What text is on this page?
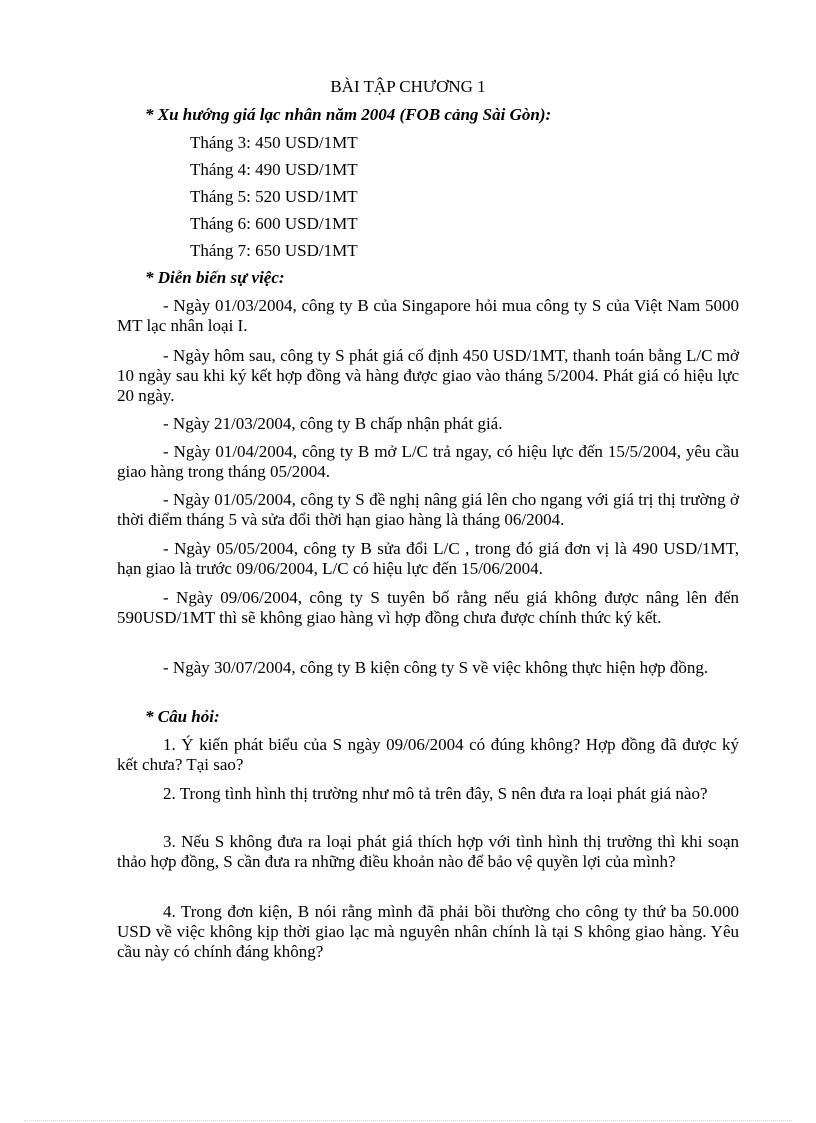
BÀI TẬP CHƯƠNG 1
* Xu hướng giá lạc nhân năm 2004 (FOB cảng Sài Gòn):
Tháng 3: 450 USD/1MT
Tháng 4: 490 USD/1MT
Tháng 5: 520 USD/1MT
Tháng 6: 600 USD/1MT
Tháng 7: 650 USD/1MT
* Diễn biến sự việc:
- Ngày 01/03/2004, công ty B của Singapore hỏi mua công ty S của Việt Nam 5000 MT lạc nhân loại I.
- Ngày hôm sau, công ty S phát giá cố định 450 USD/1MT, thanh toán bằng L/C mở 10 ngày sau khi ký kết hợp đồng và hàng được giao vào tháng 5/2004. Phát giá có hiệu lực 20 ngày.
- Ngày 21/03/2004, công ty B chấp nhận phát giá.
- Ngày 01/04/2004, công ty B mở L/C trả ngay, có hiệu lực đến 15/5/2004, yêu cầu giao hàng trong tháng 05/2004.
- Ngày 01/05/2004, công ty S đề nghị nâng giá lên cho ngang với giá trị thị trường ở thời điểm tháng 5 và sửa đổi thời hạn giao hàng là tháng 06/2004.
- Ngày 05/05/2004, công ty B sửa đổi L/C , trong đó giá đơn vị là 490 USD/1MT, hạn giao là trước 09/06/2004, L/C có hiệu lực đến 15/06/2004.
- Ngày 09/06/2004, công ty S tuyên bố rằng nếu giá không được nâng lên đến 590USD/1MT thì sẽ không giao hàng vì hợp đồng chưa được chính thức ký kết.
- Ngày 30/07/2004, công ty B kiện công ty S về việc không thực hiện hợp đồng.
* Câu hỏi:
1. Ý kiến phát biểu của S ngày 09/06/2004 có đúng không? Hợp đồng đã được ký kết chưa? Tại sao?
2. Trong tình hình thị trường như mô tả trên đây, S nên đưa ra loại phát giá nào?
3. Nếu S không đưa ra loại phát giá thích hợp với tình hình thị trường thì khi soạn thảo hợp đồng, S cần đưa ra những điều khoản nào để bảo vệ quyền lợi của mình?
4. Trong đơn kiện, B nói rằng mình đã phải bồi thường cho công ty thứ ba 50.000 USD về việc không kịp thời giao lạc mà nguyên nhân chính là tại S không giao hàng. Yêu cầu này có chính đáng không?
